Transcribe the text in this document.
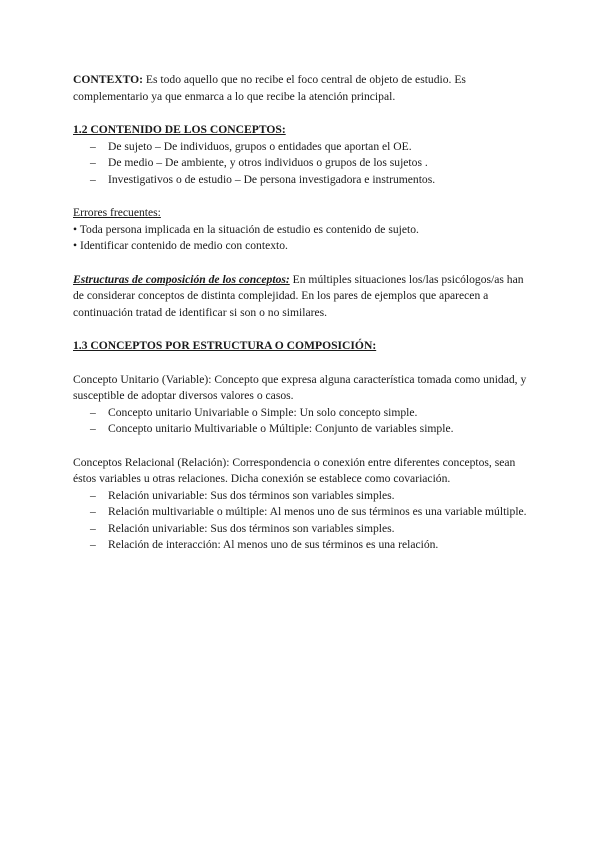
CONTEXTO: Es todo aquello que no recibe el foco central de objeto de estudio. Es complementario ya que enmarca a lo que recibe la atención principal.

1.2 CONTENIDO DE LOS CONCEPTOS:

– De sujeto – De individuos, grupos o entidades que aportan el OE.
– De medio – De ambiente, y otros individuos o grupos de los sujetos .
– Investigativos o de estudio – De persona investigadora e instrumentos.

Errores frecuentes:

• Toda persona implicada en la situación de estudio es contenido de sujeto.

• Identificar contenido de medio con contexto.

Estructuras de composición de los conceptos: En múltiples situaciones los/las psicólogos/as han de considerar conceptos de distinta complejidad. En los pares de ejemplos que aparecen a continuación tratad de identificar si son o no similares.

1.3 CONCEPTOS POR ESTRUCTURA O COMPOSICIÓN:

Concepto Unitario (Variable): Concepto que expresa alguna característica tomada como unidad, y susceptible de adoptar diversos valores o casos.

– Concepto unitario Univariable o Simple: Un solo concepto simple.
– Concepto unitario Multivariable o Múltiple: Conjunto de variables simple.

Conceptos Relacional (Relación): Correspondencia o conexión entre diferentes conceptos, sean éstos variables u otras relaciones. Dicha conexión se establece como covariación.

– Relación univariable: Sus dos términos son variables simples.
– Relación multivariable o múltiple: Al menos uno de sus términos es una variable múltiple.
– Relación univariable: Sus dos términos son variables simples.
– Relación de interacción: Al menos uno de sus términos es una relación.
